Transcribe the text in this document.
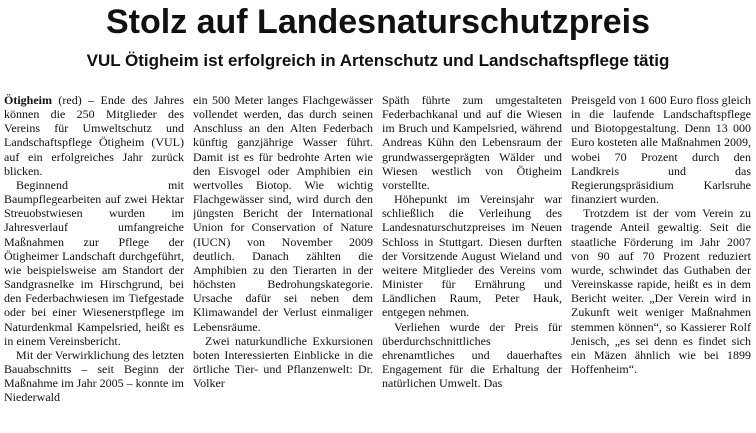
Stolz auf Landesnaturschutzpreis
VUL Ötigheim ist erfolgreich in Artenschutz und Landschaftspflege tätig

Ötigheim (red) – Ende des Jahres können die 250 Mitglieder des Vereins für Umweltschutz und Landschaftspflege Ötigheim (VUL) auf ein erfolgreiches Jahr zurück blicken.

Beginnend mit Baumpflegearbeiten auf zwei Hektar Streuobstwiesen wurden im Jahresverlauf umfangreiche Maßnahmen zur Pflege der Ötigheimer Landschaft durchgeführt, wie beispielsweise am Standort der Sandgrasnelke im Hirschgrund, bei den Federbachwiesen im Tiefgestade oder bei einer Wiesenerstpflege im Naturdenkmal Kampelsried, heißt es in einem Vereinsbericht.

Mit der Verwirklichung des letzten Bauabschnitts – seit Beginn der Maßnahme im Jahr 2005 – konnte im Niederwald

ein 500 Meter langes Flachgewässer vollendet werden, das durch seinen Anschluss an den Alten Federbach künftig ganzjährige Wasser führt. Damit ist es für bedrohte Arten wie den Eisvogel oder Amphibien ein wertvolles Biotop. Wie wichtig Flachgewässer sind, wird durch den jüngsten Bericht der International Union for Conservation of Nature (IUCN) von November 2009 deutlich. Danach zählten die Amphibien zu den Tierarten in der höchsten Bedrohungskategorie. Ursache dafür sei neben dem Klimawandel der Verlust einmaliger Lebensräume.

Zwei naturkundliche Exkursionen boten Interessierten Einblicke in die örtliche Tier- und Pflanzenwelt: Dr. Volker

Späth führte zum umgestalteten Federbachkanal und auf die Wiesen im Bruch und Kampelsried, während Andreas Kühn den Lebensraum der grundwassergeprägten Wälder und Wiesen westlich von Ötigheim vorstellte.

Höhepunkt im Vereinsjahr war schließlich die Verleihung des Landesnaturschutzpreises im Neuen Schloss in Stuttgart. Diesen durften der Vorsitzende August Wieland und weitere Mitglieder des Vereins vom Minister für Ernährung und Ländlichen Raum, Peter Hauk, entgegen nehmen.

Verliehen wurde der Preis für überdurchschnittliches ehrenamtliches und dauerhaftes Engagement für die Erhaltung der natürlichen Umwelt. Das

Preisgeld von 1 600 Euro floss gleich in die laufende Landschaftspflege und Biotopgestaltung. Denn 13 000 Euro kosteten alle Maßnahmen 2009, wobei 70 Prozent durch den Landkreis und das Regierungspräsidium Karlsruhe finanziert wurden.

Trotzdem ist der vom Verein zu tragende Anteil gewaltig. Seit die staatliche Förderung im Jahr 2007 von 90 auf 70 Prozent reduziert wurde, schwindet das Guthaben der Vereinskasse rapide, heißt es in dem Bericht weiter. „Der Verein wird in Zukunft weit weniger Maßnahmen stemmen können“, so Kassierer Rolf Jenisch, „es sei denn es findet sich ein Mäzen ähnlich wie bei 1899 Hoffenheim“.
